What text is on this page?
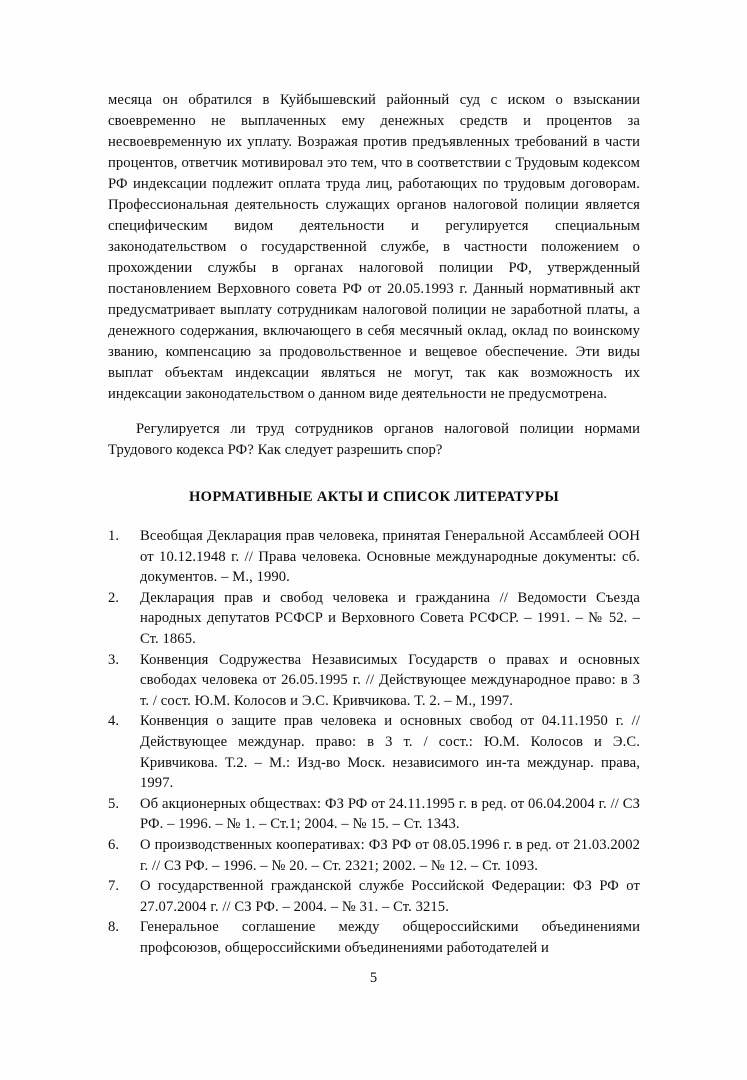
месяца он обратился в Куйбышевский районный суд с иском о взыскании своевременно не выплаченных ему денежных средств и процентов за несвоевременную их уплату. Возражая против предъявленных требований в части процентов, ответчик мотивировал это тем, что в соответствии с Трудовым кодексом РФ индексации подлежит оплата труда лиц, работающих по трудовым договорам. Профессиональная деятельность служащих органов налоговой полиции является специфическим видом деятельности и регулируется специальным законодательством о государственной службе, в частности положением о прохождении службы в органах налоговой полиции РФ, утвержденный постановлением Верховного совета РФ от 20.05.1993 г. Данный нормативный акт предусматривает выплату сотрудникам налоговой полиции не заработной платы, а денежного содержания, включающего в себя месячный оклад, оклад по воинскому званию, компенсацию за продовольственное и вещевое обеспечение. Эти виды выплат объектам индексации являться не могут, так как возможность их индексации законодательством о данном виде деятельности не предусмотрена.

Регулируется ли труд сотрудников органов налоговой полиции нормами Трудового кодекса РФ? Как следует разрешить спор?

НОРМАТИВНЫЕ АКТЫ И СПИСОК ЛИТЕРАТУРЫ
1.	Всеобщая Декларация прав человека, принятая Генеральной Ассамблеей ООН от 10.12.1948 г. // Права человека. Основные международные документы: сб. документов. – М., 1990.
2.	Декларация прав и свобод человека и гражданина // Ведомости Съезда народных депутатов РСФСР и Верховного Совета РСФСР. – 1991. – № 52. – Ст. 1865.
3.	Конвенция Содружества Независимых Государств о правах и основных свободах человека от 26.05.1995 г. // Действующее международное право: в 3 т. / сост. Ю.М. Колосов и Э.С. Кривчикова. Т. 2. – М., 1997.
4.	Конвенция о защите прав человека и основных свобод от 04.11.1950 г. // Действующее междунар. право: в 3 т. / сост.: Ю.М. Колосов и Э.С. Кривчикова. Т.2. – М.: Изд-во Моск. независимого ин-та междунар. права, 1997.
5.	Об акционерных обществах: ФЗ РФ от 24.11.1995 г. в ред. от 06.04.2004 г. // СЗ РФ. – 1996. – № 1. – Ст.1; 2004. – № 15. – Ст. 1343.
6.	О производственных кооперативах: ФЗ РФ от 08.05.1996 г. в ред. от 21.03.2002 г. // СЗ РФ. – 1996. – № 20. – Ст. 2321; 2002. – № 12. – Ст. 1093.
7.	О государственной гражданской службе Российской Федерации: ФЗ РФ от 27.07.2004 г. // СЗ РФ. – 2004. – № 31. – Ст. 3215.
8.	Генеральное соглашение между общероссийскими объединениями профсоюзов, общероссийскими объединениями работодателей и
5
